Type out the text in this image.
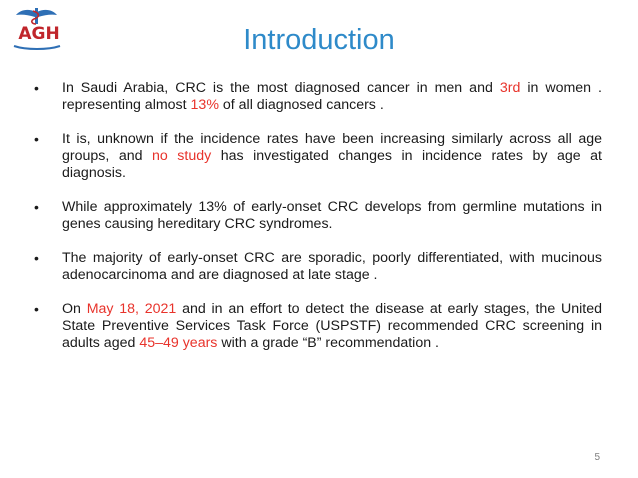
AGH	Introduction
• In Saudi Arabia, CRC is the most diagnosed cancer in men and 3rd in women . representing almost 13% of all diagnosed cancers .
• It is, unknown if the incidence rates have been increasing similarly across all age groups, and no study has investigated changes in incidence rates by age at diagnosis.
• While approximately 13% of early-onset CRC develops from germline mutations in genes causing hereditary CRC syndromes.
• The majority of early-onset CRC are sporadic, poorly differentiated, with mucinous adenocarcinoma and are diagnosed at late stage .
• On May 18, 2021 and in an effort to detect the disease at early stages, the United State Preventive Services Task Force (USPSTF) recommended CRC screening in adults aged 45–49 years with a grade “B” recommendation .
5
